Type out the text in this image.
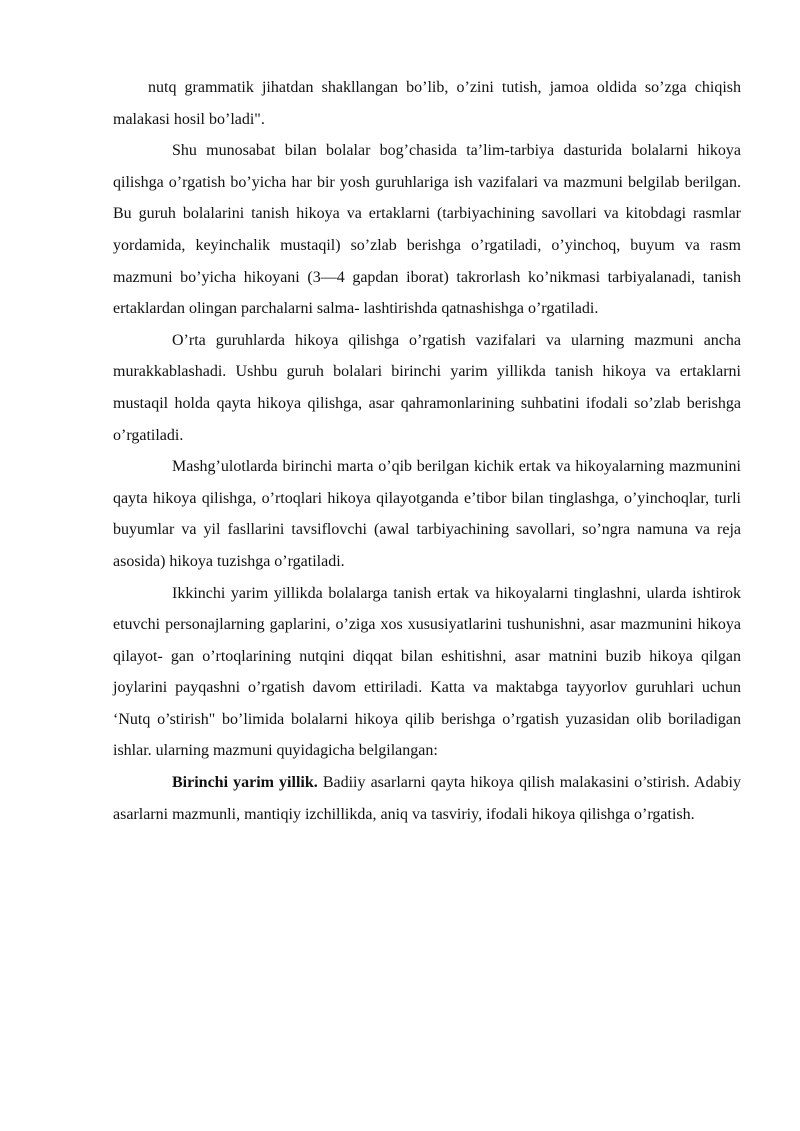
nutq grammatik jihatdan shakllangan bo’lib, o’zini tutish, jamoa oldida so’zga chiqish malakasi hosil bo’ladi".

Shu munosabat bilan bolalar bog’chasida ta’lim-tarbiya dasturida bolalarni hikoya qilishga o’rgatish bo’yicha har bir yosh guruhlariga ish vazifalari va mazmuni belgilab berilgan. Bu guruh bolalarini tanish hikoya va ertaklarni (tarbiyachining savollari va kitobdagi rasmlar yordamida, keyinchalik mustaqil) so’zlab berishga o’rgatiladi, o’yinchoq, buyum va rasm mazmuni bo’yicha hikoyani (3—4 gapdan iborat) takrorlash ko’nikmasi tarbiyalanadi, tanish ertaklardan olingan parchalarni salma- lashtirishda qatnashishga o’rgatiladi.

O’rta guruhlarda hikoya qilishga o’rgatish vazifalari va ularning mazmuni ancha murakkablashadi. Ushbu guruh bolalari birinchi yarim yillikda tanish hikoya va ertaklarni mustaqil holda qayta hikoya qilishga, asar qahramonlarining suhbatini ifodali so’zlab berishga o’rgatiladi.

Mashg’ulotlarda birinchi marta o’qib berilgan kichik ertak va hikoyalarning mazmunini qayta hikoya qilishga, o’rtoqlari hikoya qilayotganda e’tibor bilan tinglashga, o’yinchoqlar, turli buyumlar va yil fasllarini tavsiflovchi (awal tarbiyachining savollari, so’ngra namuna va reja asosida) hikoya tuzishga o’rgatiladi.

Ikkinchi yarim yillikda bolalarga tanish ertak va hikoyalarni tinglashni, ularda ishtirok etuvchi personajlarning gaplarini, o’ziga xos xususiyatlarini tushunishni, asar mazmunini hikoya qilayot- gan o’rtoqlarining nutqini diqqat bilan eshitishni, asar matnini buzib hikoya qilgan joylarini payqashni o’rgatish davom ettiriladi. Katta va maktabga tayyorlov guruhlari uchun ‘Nutq o’stirish" bo’limida bolalarni hikoya qilib berishga o’rgatish yuzasidan olib boriladigan ishlar. ularning mazmuni quyidagicha belgilangan:

Birinchi yarim yillik. Badiiy asarlarni qayta hikoya qilish malakasini o’stirish. Adabiy asarlarni mazmunli, mantiqiy izchillikda, aniq va tasviriy, ifodali hikoya qilishga o’rgatish.
